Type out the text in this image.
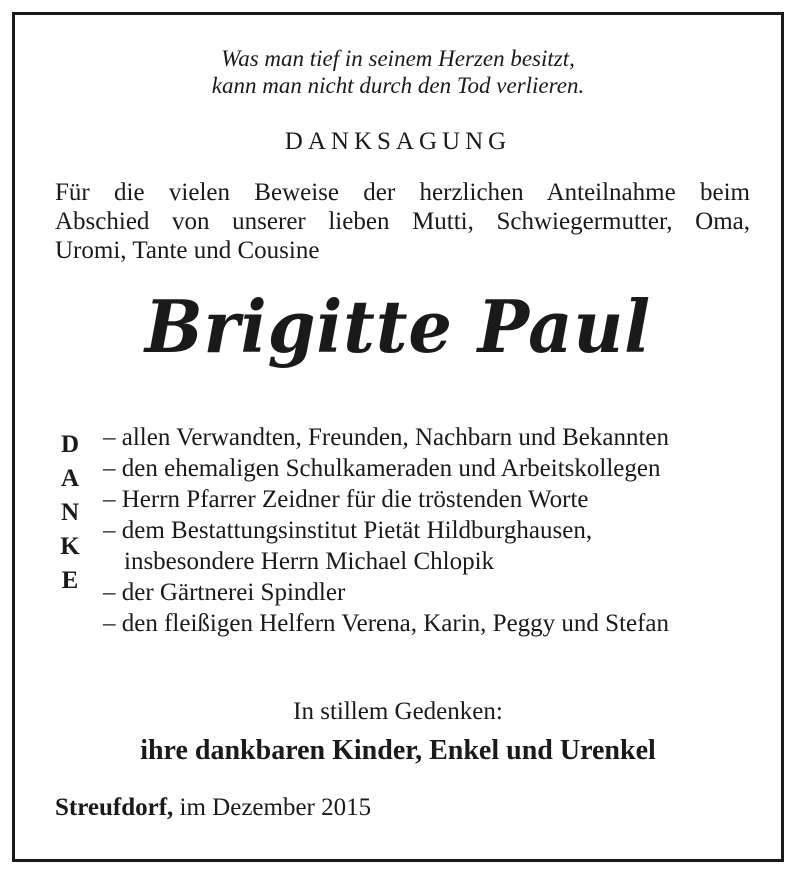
Was man tief in seinem Herzen besitzt,
kann man nicht durch den Tod verlieren.
DANKSAGUNG
Für die vielen Beweise der herzlichen Anteilnahme beim
Abschied von unserer lieben Mutti, Schwiegermutter, Oma,
Uromi, Tante und Cousine
Brigitte Paul
D
A
N
K
E
– allen Verwandten, Freunden, Nachbarn und Bekannten
– den ehemaligen Schulkameraden und Arbeitskollegen
– Herrn Pfarrer Zeidner für die tröstenden Worte
– dem Bestattungsinstitut Pietät Hildburghausen,
insbesondere Herrn Michael Chlopik
– der Gärtnerei Spindler
– den fleißigen Helfern Verena, Karin, Peggy und Stefan
In stillem Gedenken:
ihre dankbaren Kinder, Enkel und Urenkel
Streufdorf, im Dezember 2015
